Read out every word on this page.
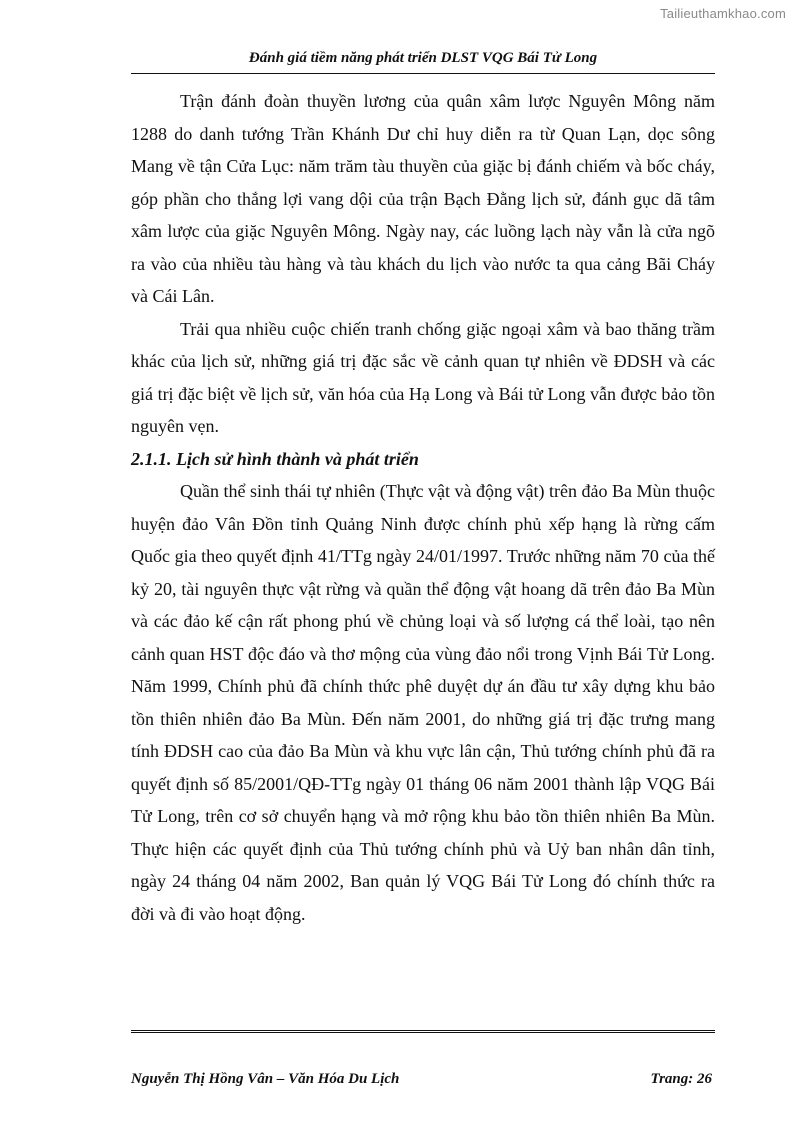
Tailieuthamkhao.com
Đánh giá tiềm năng phát triển DLST VQG Bái Tử Long

Trận đánh đoàn thuyền lương của quân xâm lược Nguyên Mông năm 1288 do danh tướng Trần Khánh Dư chỉ huy diễn ra từ Quan Lạn, dọc sông Mang về tận Cửa Lục: năm trăm tàu thuyền của giặc bị đánh chiếm và bốc cháy, góp phần cho thắng lợi vang dội của trận Bạch Đằng lịch sử, đánh gục dã tâm xâm lược của giặc Nguyên Mông. Ngày nay, các luồng lạch này vẫn là cửa ngõ ra vào của nhiều tàu hàng và tàu khách du lịch vào nước ta qua cảng Bãi Cháy và Cái Lân.

Trải qua nhiều cuộc chiến tranh chống giặc ngoại xâm và bao thăng trầm khác của lịch sử, những giá trị đặc sắc về cảnh quan tự nhiên về ĐDSH và các giá trị đặc biệt về lịch sử, văn hóa của Hạ Long và Bái tử Long vẫn được bảo tồn nguyên vẹn.

2.1.1. Lịch sử hình thành và phát triển

Quần thể sinh thái tự nhiên (Thực vật và động vật) trên đảo Ba Mùn thuộc huyện đảo Vân Đồn tỉnh Quảng Ninh được chính phủ xếp hạng là rừng cấm Quốc gia theo quyết định 41/TTg ngày 24/01/1997. Trước những năm 70 của thế kỷ 20, tài nguyên thực vật rừng và quần thể động vật hoang dã trên đảo Ba Mùn và các đảo kế cận rất phong phú về chủng loại và số lượng cá thể loài, tạo nên cảnh quan HST độc đáo và thơ mộng của vùng đảo nổi trong Vịnh Bái Tử Long. Năm 1999, Chính phủ đã chính thức phê duyệt dự án đầu tư xây dựng khu bảo tồn thiên nhiên đảo Ba Mùn. Đến năm 2001, do những giá trị đặc trưng mang tính ĐDSH cao của đảo Ba Mùn và khu vực lân cận, Thủ tướng chính phủ đã ra quyết định số 85/2001/QĐ-TTg ngày 01 tháng 06 năm 2001 thành lập VQG Bái Tử Long, trên cơ sở chuyển hạng và mở rộng khu bảo tồn thiên nhiên Ba Mùn. Thực hiện các quyết định của Thủ tướng chính phủ và Uỷ ban nhân dân tỉnh, ngày 24 tháng 04 năm 2002, Ban quản lý VQG Bái Tử Long đó chính thức ra đời và đi vào hoạt động.

Nguyễn Thị Hồng Vân – Văn Hóa Du Lịch	Trang: 26
